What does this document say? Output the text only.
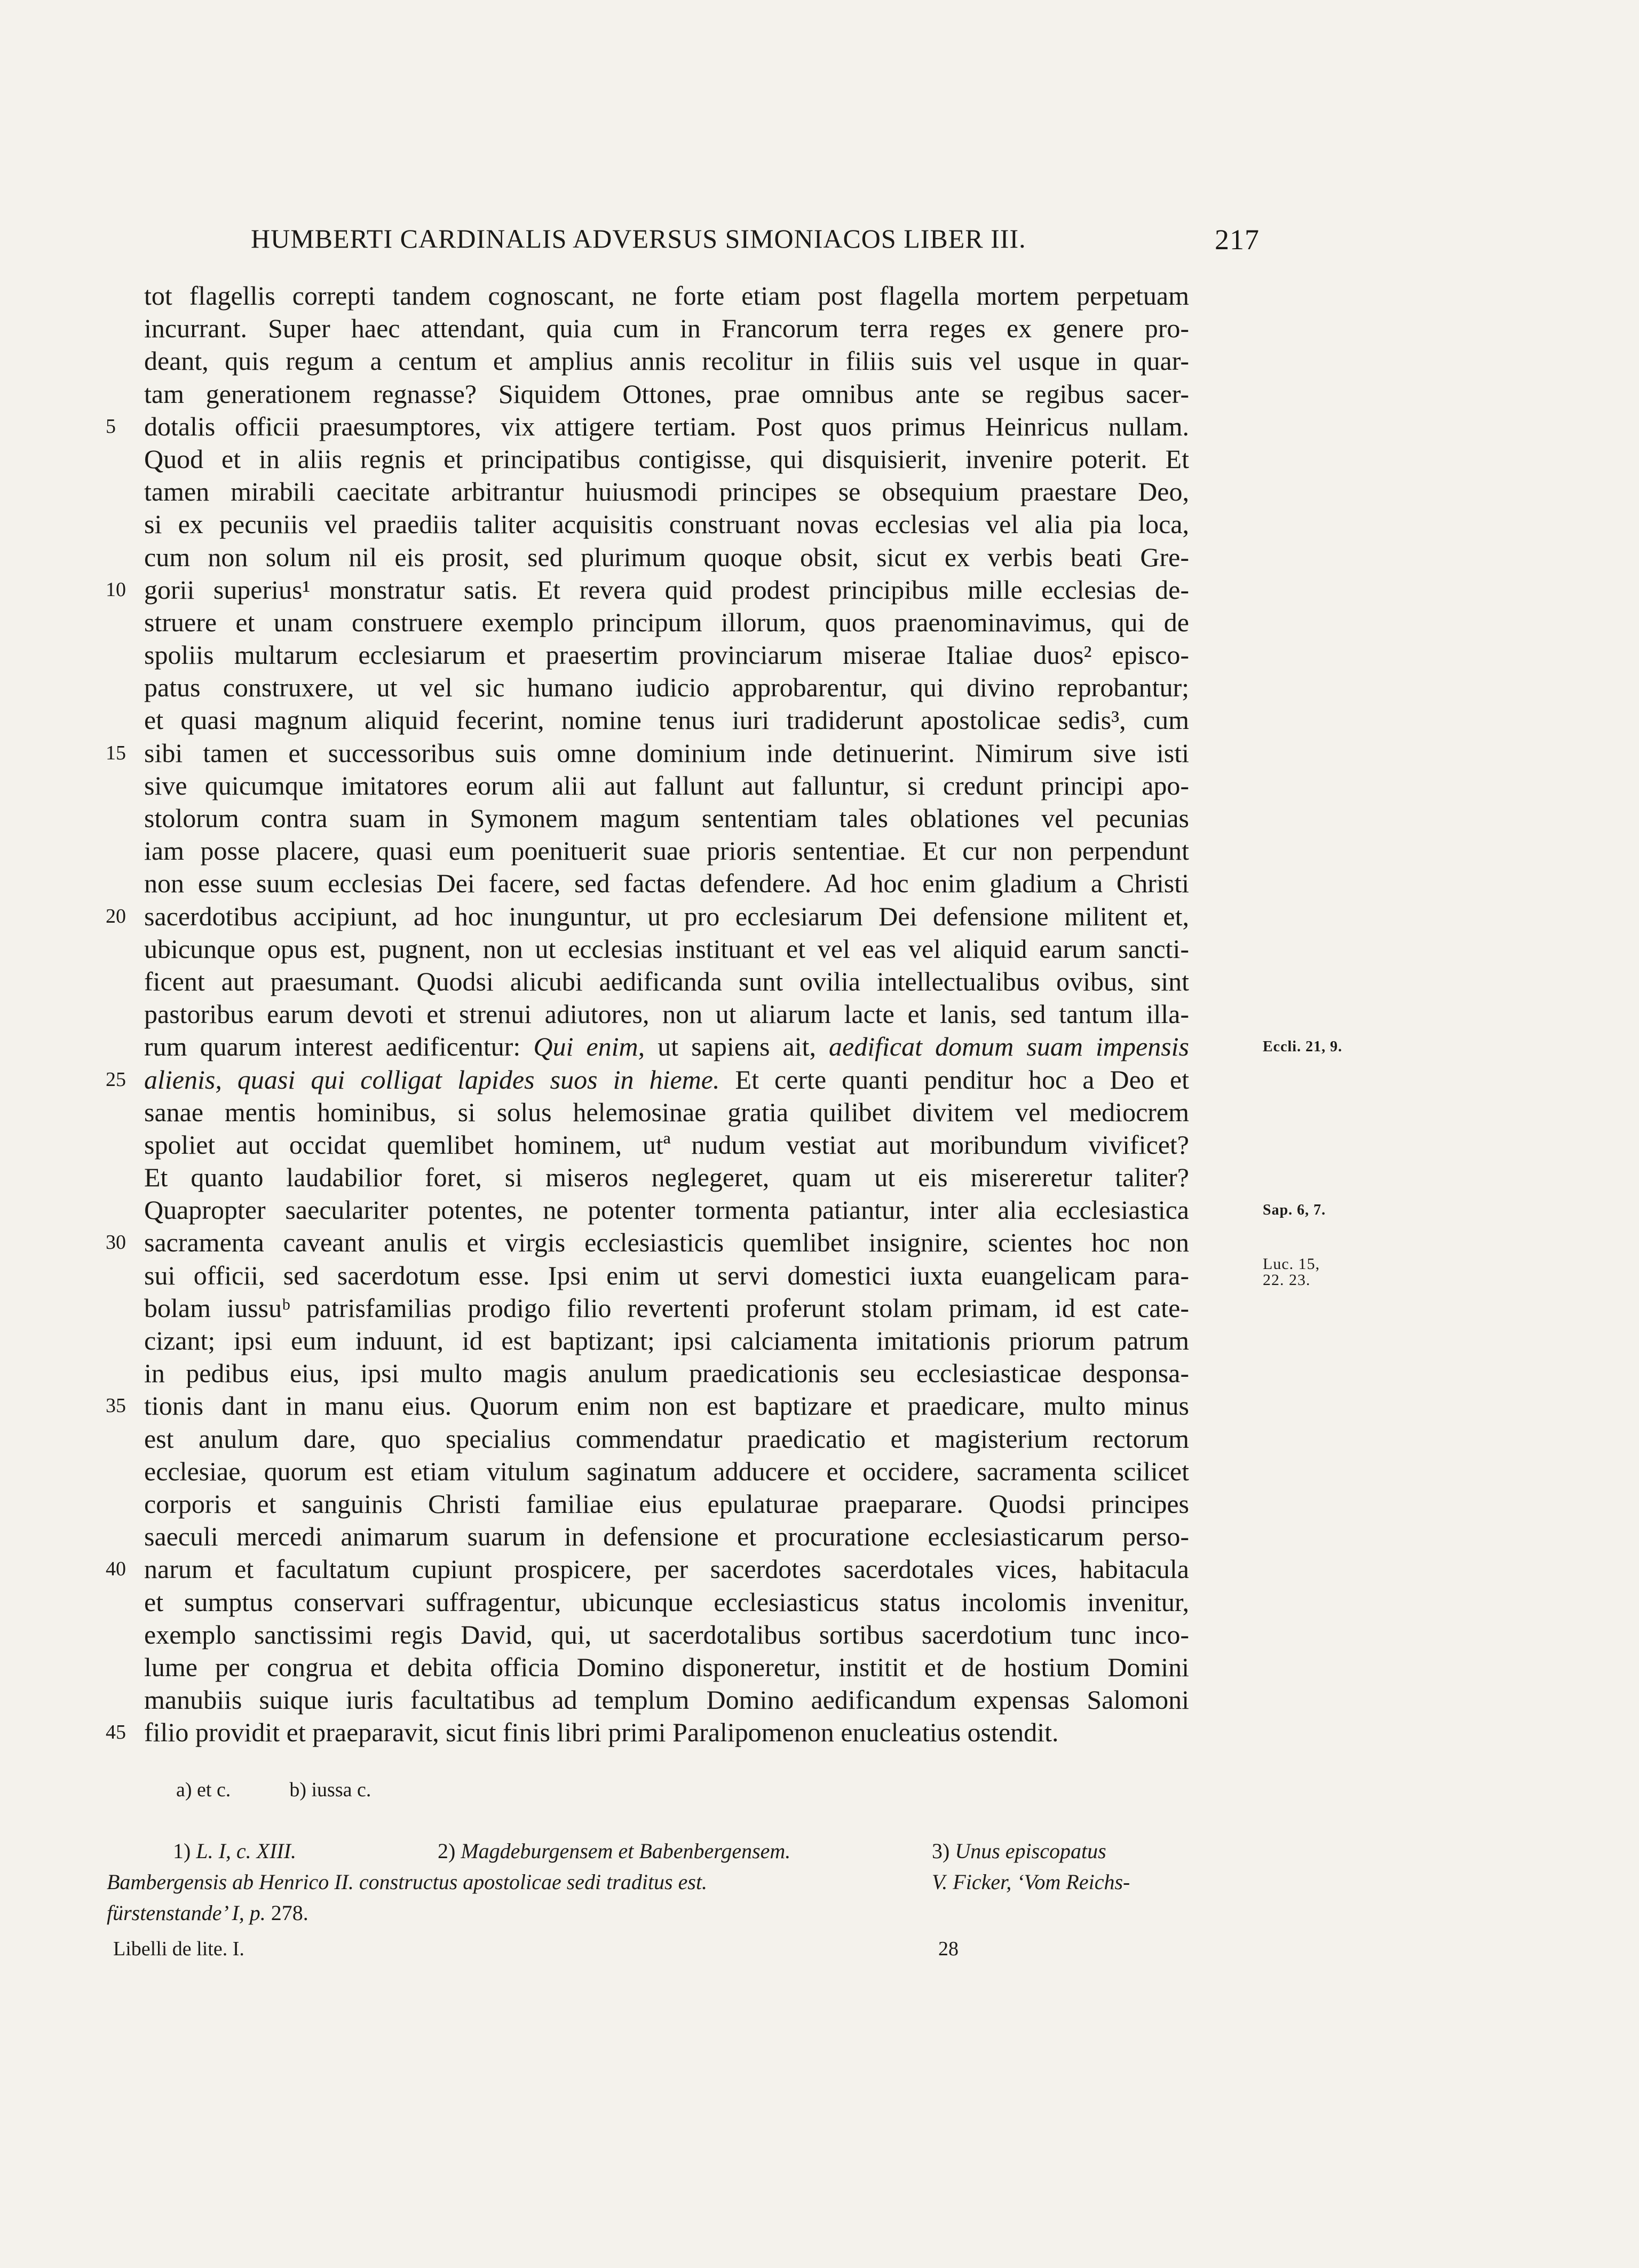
HUMBERTI CARDINALIS ADVERSUS SIMONIACOS LIBER III.	217
tot flagellis correpti tandem cognoscant, ne forte etiam post flagella mortem perpetuam
incurrant. Super haec attendant, quia cum in Francorum terra reges ex genere pro-
deant, quis regum a centum et amplius annis recolitur in filiis suis vel usque in quar-
tam generationem regnasse? Siquidem Ottones, prae omnibus ante se regibus sacer-
5	dotalis officii praesumptores, vix attigere tertiam. Post quos primus Heinricus nullam.
Quod et in aliis regnis et principatibus contigisse, qui disquisierit, invenire poterit. Et
tamen mirabili caecitate arbitrantur huiusmodi principes se obsequium praestare Deo,
si ex pecuniis vel praediis taliter acquisitis construant novas ecclesias vel alia pia loca,
cum non solum nil eis prosit, sed plurimum quoque obsit, sicut ex verbis beati Gre-
10 gorii superius¹ monstratur satis. Et revera quid prodest principibus mille ecclesias de-
struere et unam construere exemplo principum illorum, quos praenominavimus, qui de
spoliis multarum ecclesiarum et praesertim provinciarum miserae Italiae duos² episco-
patus construxere, ut vel sic humano iudicio approbarentur, qui divino reprobantur;
et quasi magnum aliquid fecerint, nomine tenus iuri tradiderunt apostolicae sedis³, cum
15 sibi tamen et successoribus suis omne dominium inde detinuerint. Nimirum sive isti
sive quicumque imitatores eorum alii aut fallunt aut falluntur, si credunt principi apo-
stolorum contra suam in Symonem magum sententiam tales oblationes vel pecunias
iam posse placere, quasi eum poenituerit suae prioris sententiae. Et cur non perpendunt
non esse suum ecclesias Dei facere, sed factas defendere. Ad hoc enim gladium a Christi
20 sacerdotibus accipiunt, ad hoc inunguntur, ut pro ecclesiarum Dei defensione militent et,
ubicunque opus est, pugnent, non ut ecclesias instituant et vel eas vel aliquid earum sancti-
ficent aut praesumant. Quodsi alicubi aedificanda sunt ovilia intellectualibus ovibus, sint
pastoribus earum devoti et strenui adiutores, non ut aliarum lacte et lanis, sed tantum illa-
rum quarum interest aedificentur: Qui enim, ut sapiens ait, aedificat domum suam impensis	Eccli. 21, 9.
25 alienis, quasi qui colligat lapides suos in hieme. Et certe quanti penditur hoc a Deo et
sanae mentis hominibus, si solus helemosinae gratia quilibet divitem vel mediocrem
spoliet aut occidat quemlibet hominem, utª nudum vestiat aut moribundum vivificet?
Et quanto laudabilior foret, si miseros neglegeret, quam ut eis misereretur taliter?
Quapropter saeculariter potentes, ne potenter tormenta patiantur, inter alia ecclesiastica	Sap. 6, 7.
30 sacramenta caveant anulis et virgis ecclesiasticis quemlibet insignire, scientes hoc non
sui officii, sed sacerdotum esse. Ipsi enim ut servi domestici iuxta euangelicam para-	Luc. 15,
22. 23.
bolam iussuᵇ patrisfamilias prodigo filio revertenti proferunt stolam primam, id est cate-
cizant; ipsi eum induunt, id est baptizant; ipsi calciamenta imitationis priorum patrum
in pedibus eius, ipsi multo magis anulum praedicationis seu ecclesiasticae desponsa-
35 tionis dant in manu eius. Quorum enim non est baptizare et praedicare, multo minus
est anulum dare, quo specialius commendatur praedicatio et magisterium rectorum
ecclesiae, quorum est etiam vitulum saginatum adducere et occidere, sacramenta scilicet
corporis et sanguinis Christi familiae eius epulaturae praeparare. Quodsi principes
saeculi mercedi animarum suarum in defensione et procuratione ecclesiasticarum perso-
40 narum et facultatum cupiunt prospicere, per sacerdotes sacerdotales vices, habitacula
et sumptus conservari suffragentur, ubicunque ecclesiasticus status incolomis invenitur,
exemplo sanctissimi regis David, qui, ut sacerdotalibus sortibus sacerdotium tunc inco-
lume per congrua et debita officia Domino disponeretur, institit et de hostium Domini
manubiis suique iuris facultatibus ad templum Domino aedificandum expensas Salomoni
45 filio providit et praeparavit, sicut finis libri primi Paralipomenon enucleatius ostendit.
a) et c.	b) iussa c.
1) L. I, c. XIII.	2) Magdeburgensem et Babenbergensem.	3) Unus episcopatus
Bambergensis ab Henrico II. constructus apostolicae sedi traditus est.	V. Ficker, ‘Vom Reichs-
fürstenstande’ I, p. 278.
Libelli de lite. I.	28
